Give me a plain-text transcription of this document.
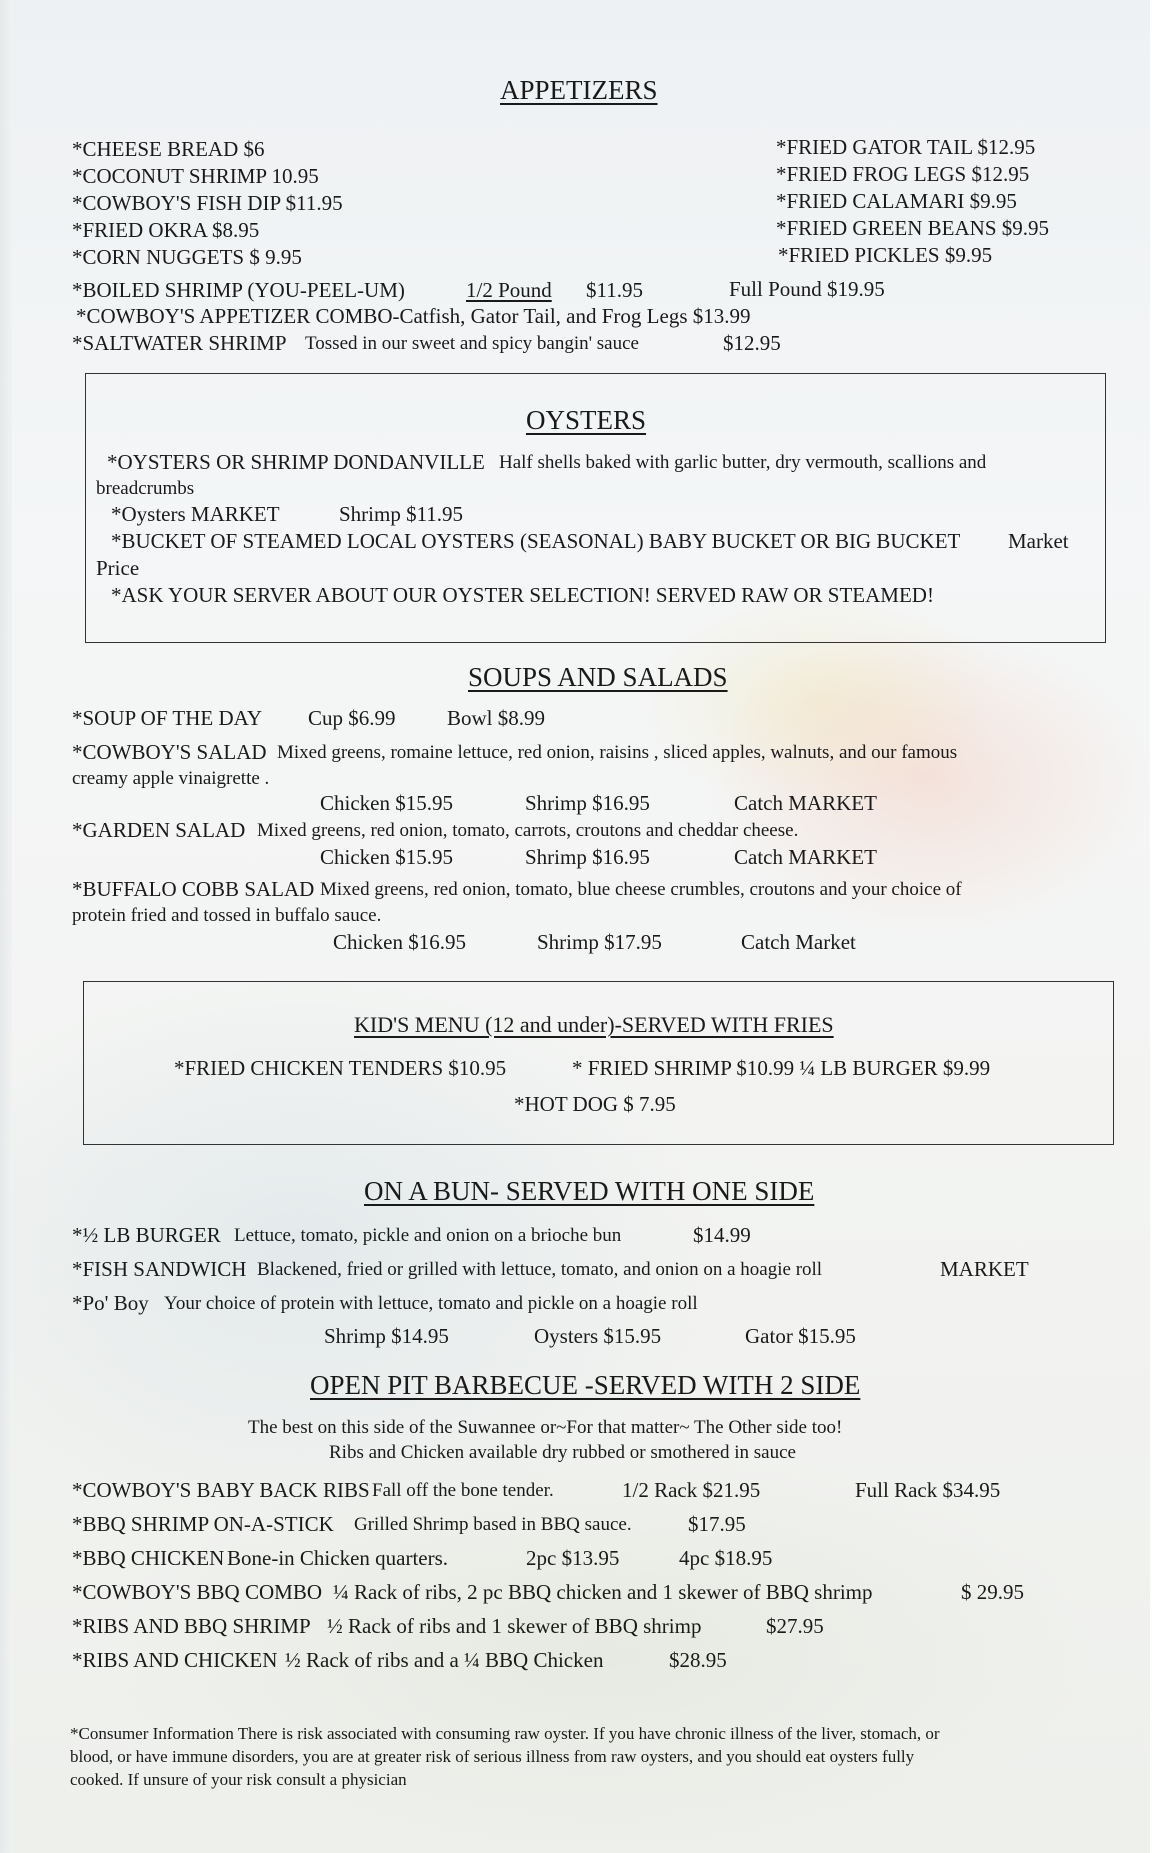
APPETIZERS
*CHEESE BREAD $6
*COCONUT SHRIMP 10.95
*COWBOY'S FISH DIP $11.95
*FRIED OKRA $8.95
*CORN NUGGETS $ 9.95
*FRIED GATOR TAIL $12.95
*FRIED FROG LEGS $12.95
*FRIED CALAMARI $9.95
*FRIED GREEN BEANS $9.95
*FRIED PICKLES $9.95
*BOILED SHRIMP (YOU-PEEL-UM)	1/2 Pound $11.95	Full Pound $19.95
*COWBOY'S APPETIZER COMBO-Catfish, Gator Tail, and Frog Legs $13.99
*SALTWATER SHRIMP Tossed in our sweet and spicy bangin' sauce	$12.95
OYSTERS
*OYSTERS OR SHRIMP DONDANVILLE Half shells baked with garlic butter, dry vermouth, scallions and
breadcrumbs
*Oysters MARKET	Shrimp $11.95
*BUCKET OF STEAMED LOCAL OYSTERS (SEASONAL) BABY BUCKET OR BIG BUCKET Market
Price
*ASK YOUR SERVER ABOUT OUR OYSTER SELECTION! SERVED RAW OR STEAMED!
SOUPS AND SALADS
*SOUP OF THE DAY Cup $6.99 Bowl $8.99
*COWBOY'S SALAD Mixed greens, romaine lettuce, red onion, raisins , sliced apples, walnuts, and our famous
creamy apple vinaigrette .
Chicken $15.95	Shrimp $16.95	Catch MARKET
*GARDEN SALAD Mixed greens, red onion, tomato, carrots, croutons and cheddar cheese.
Chicken $15.95	Shrimp $16.95	Catch MARKET
*BUFFALO COBB SALAD Mixed greens, red onion, tomato, blue cheese crumbles, croutons and your choice of
protein fried and tossed in buffalo sauce.
Chicken $16.95	Shrimp $17.95	Catch Market
KID'S MENU (12 and under)-SERVED WITH FRIES
*FRIED CHICKEN TENDERS $10.95	* FRIED SHRIMP $10.99 ¼ LB BURGER $9.99
*HOT DOG $ 7.95
ON A BUN- SERVED WITH ONE SIDE
*½ LB BURGER Lettuce, tomato, pickle and onion on a brioche bun	$14.99
*FISH SANDWICH Blackened, fried or grilled with lettuce, tomato, and onion on a hoagie roll	MARKET
*Po' Boy Your choice of protein with lettuce, tomato and pickle on a hoagie roll
Shrimp $14.95	Oysters $15.95	Gator $15.95
OPEN PIT BARBECUE -SERVED WITH 2 SIDE
The best on this side of the Suwannee or~For that matter~ The Other side too!
Ribs and Chicken available dry rubbed or smothered in sauce
*COWBOY'S BABY BACK RIBS Fall off the bone tender.	1/2 Rack $21.95	Full Rack $34.95
*BBQ SHRIMP ON-A-STICK Grilled Shrimp based in BBQ sauce.	$17.95
*BBQ CHICKEN Bone-in Chicken quarters.	2pc $13.95	4pc $18.95
*COWBOY'S BBQ COMBO ¼ Rack of ribs, 2 pc BBQ chicken and 1 skewer of BBQ shrimp	$ 29.95
*RIBS AND BBQ SHRIMP ½ Rack of ribs and 1 skewer of BBQ shrimp	$27.95
*RIBS AND CHICKEN ½ Rack of ribs and a ¼ BBQ Chicken	$28.95
*Consumer Information There is risk associated with consuming raw oyster. If you have chronic illness of the liver, stomach, or
blood, or have immune disorders, you are at greater risk of serious illness from raw oysters, and you should eat oysters fully
cooked. If unsure of your risk consult a physician
